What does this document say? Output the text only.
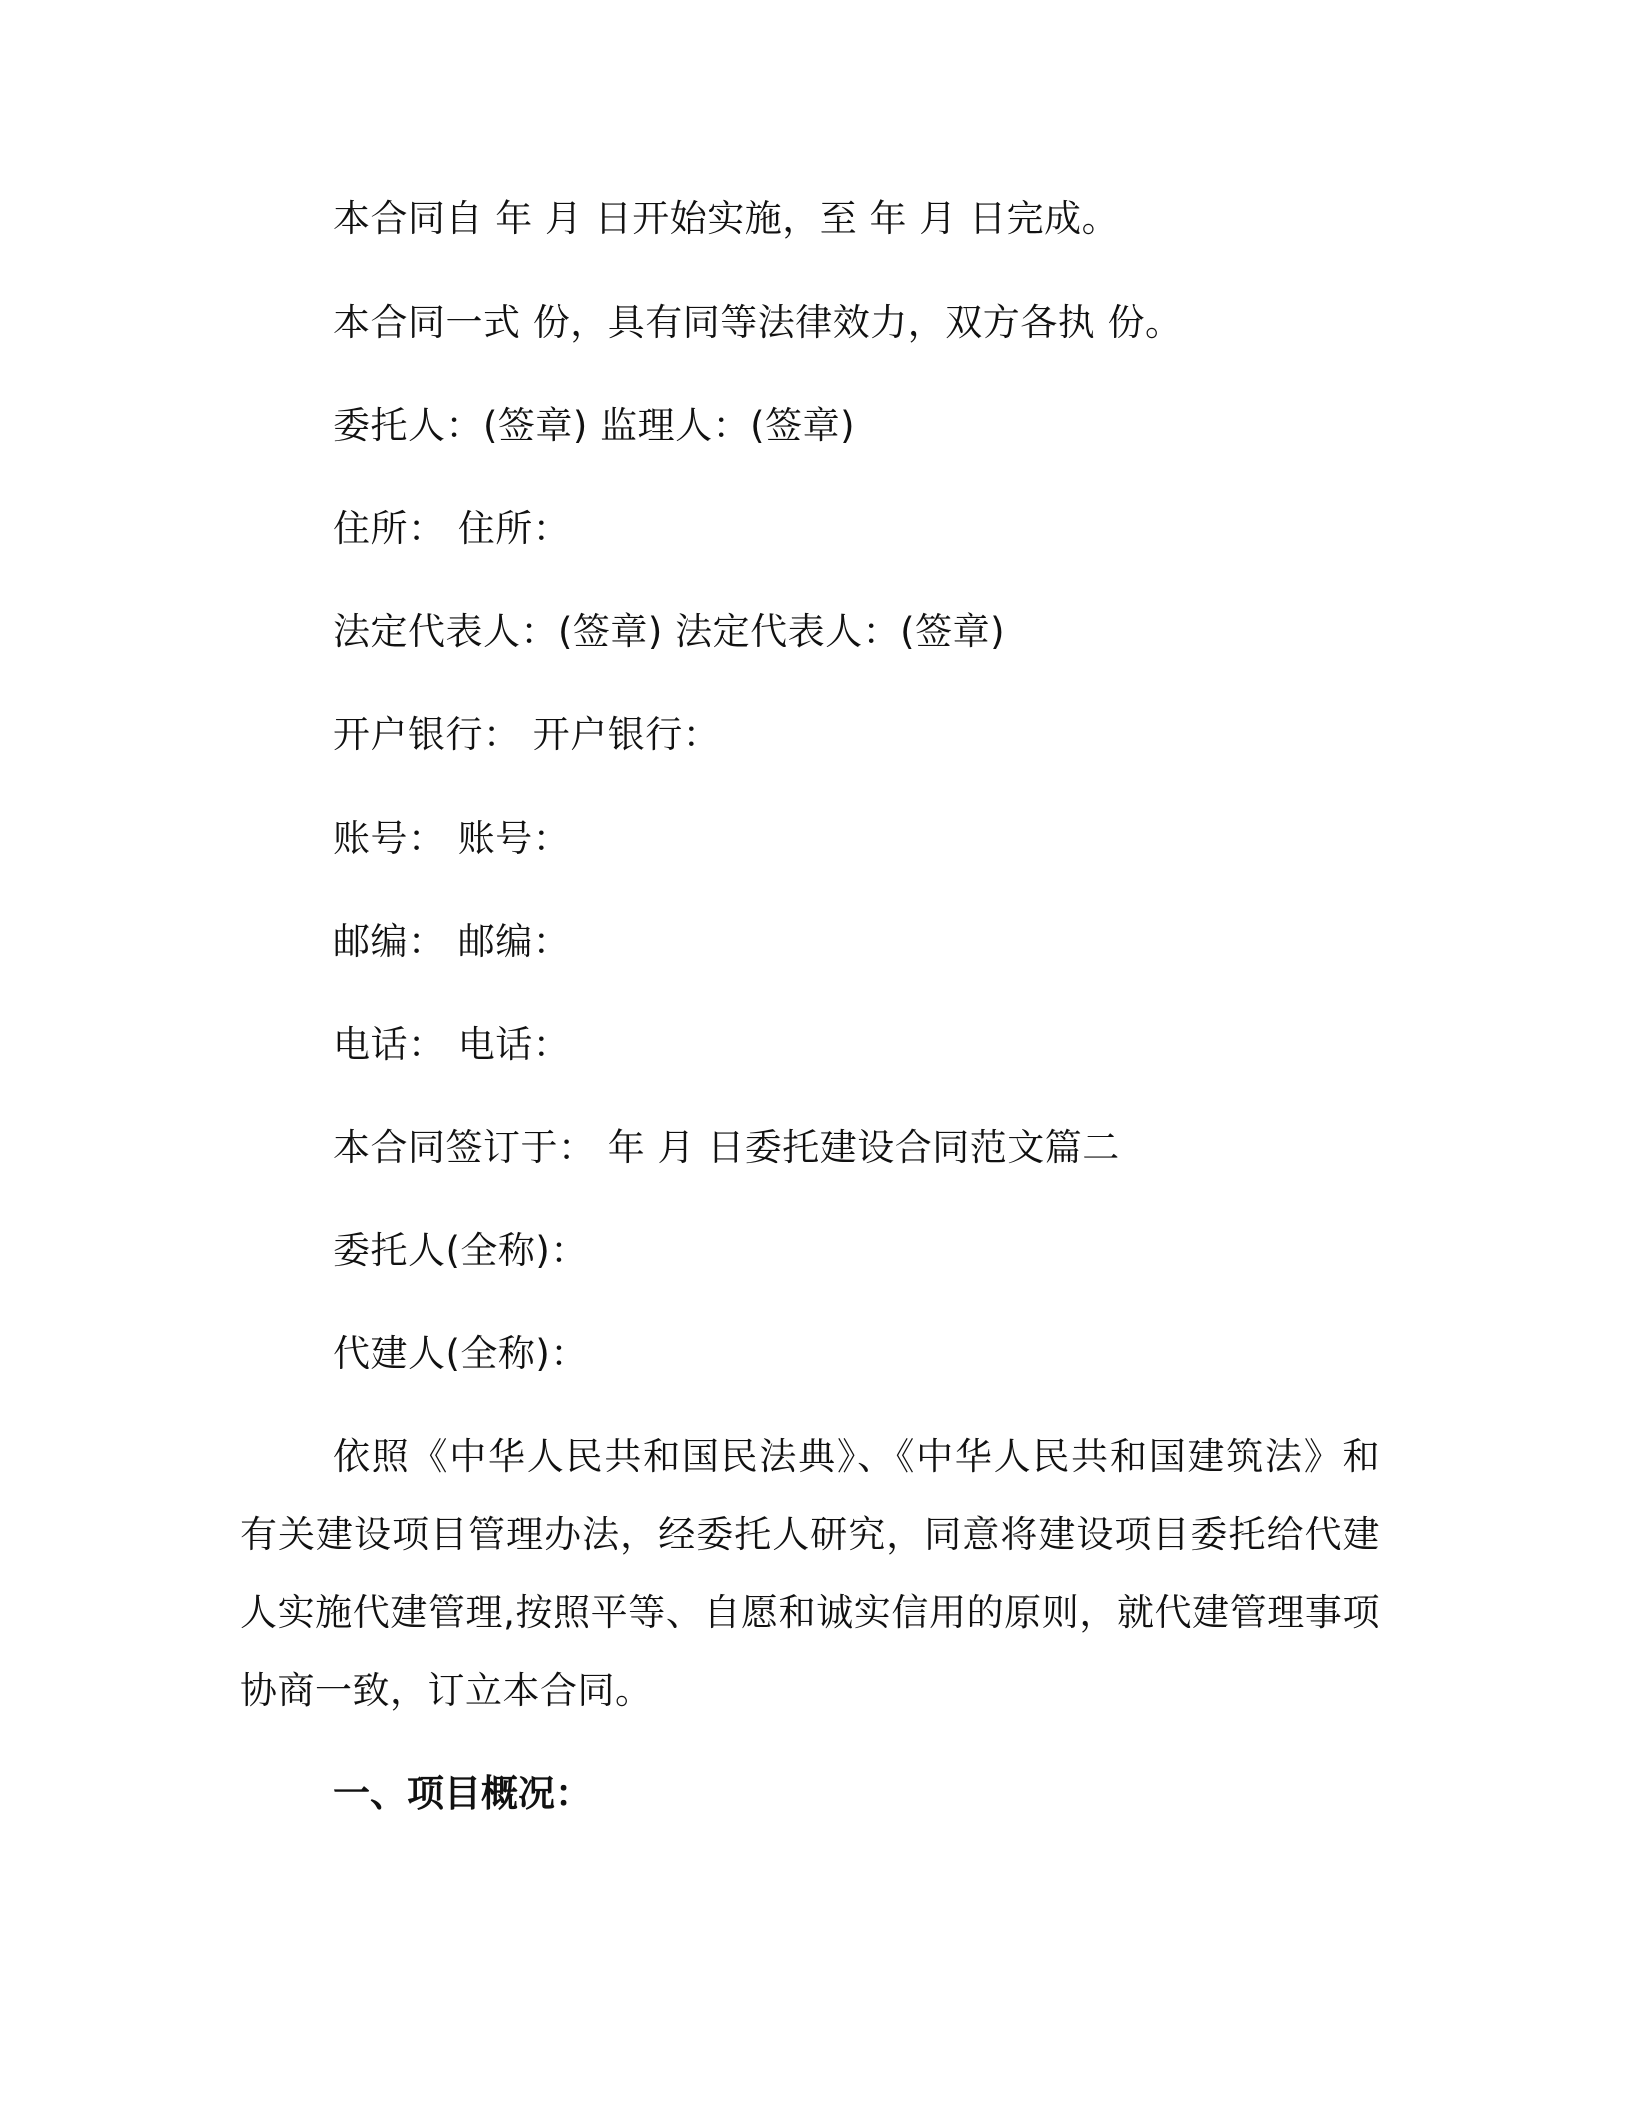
本合同自 年 月 日开始实施，至 年 月 日完成。
本合同一式 份，具有同等法律效力，双方各执 份。
委托人：(签章) 监理人：(签章)
住所： 住所：
法定代表人：(签章) 法定代表人：(签章)
开户银行： 开户银行：
账号： 账号：
邮编： 邮编：
电话： 电话：
本合同签订于： 年 月 日委托建设合同范文篇二
委托人(全称)：
代建人(全称)：
依照《中华人民共和国民法典》、《中华人民共和国建筑法》和有关建设项目管理办法，经委托人研究，同意将建设项目委托给代建人实施代建管理,按照平等、自愿和诚实信用的原则，就代建管理事项协商一致，订立本合同。
一、项目概况：
